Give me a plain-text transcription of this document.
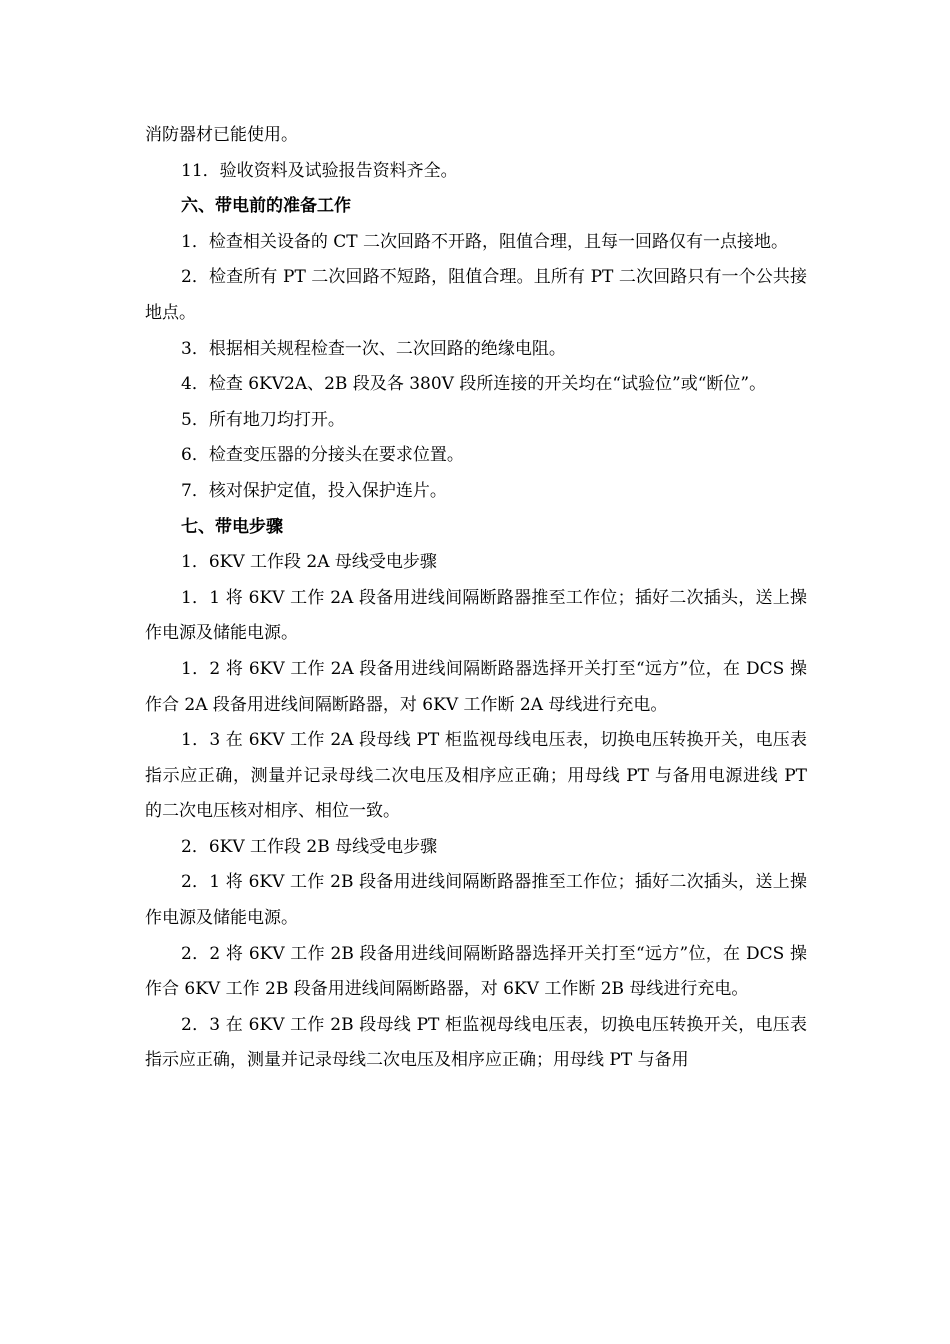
消防器材已能使用。

11．验收资料及试验报告资料齐全。

六、带电前的准备工作

1．检查相关设备的 CT 二次回路不开路，阻值合理，且每一回路仅有一点接地。

2．检查所有 PT 二次回路不短路，阻值合理。且所有 PT 二次回路只有一个公共接地点。

3．根据相关规程检查一次、二次回路的绝缘电阻。

4．检查 6KV2A、2B 段及各 380V 段所连接的开关均在“试验位”或“断位”。

5．所有地刀均打开。

6．检查变压器的分接头在要求位置。

7．核对保护定值，投入保护连片。

七、带电步骤

1．6KV 工作段 2A 母线受电步骤

1．1 将 6KV 工作 2A 段备用进线间隔断路器推至工作位；插好二次插头，送上操作电源及储能电源。

1．2 将 6KV 工作 2A 段备用进线间隔断路器选择开关打至“远方”位，在 DCS 操作合 2A 段备用进线间隔断路器，对 6KV 工作断 2A 母线进行充电。

1．3 在 6KV 工作 2A 段母线 PT 柜监视母线电压表，切换电压转换开关，电压表指示应正确，测量并记录母线二次电压及相序应正确；用母线 PT 与备用电源进线 PT 的二次电压核对相序、相位一致。

2．6KV 工作段 2B 母线受电步骤

2．1 将 6KV 工作 2B 段备用进线间隔断路器推至工作位；插好二次插头，送上操作电源及储能电源。

2．2 将 6KV 工作 2B 段备用进线间隔断路器选择开关打至“远方”位，在 DCS 操作合 6KV 工作 2B 段备用进线间隔断路器，对 6KV 工作断 2B 母线进行充电。

2．3 在 6KV 工作 2B 段母线 PT 柜监视母线电压表，切换电压转换开关，电压表指示应正确，测量并记录母线二次电压及相序应正确；用母线 PT 与备用
